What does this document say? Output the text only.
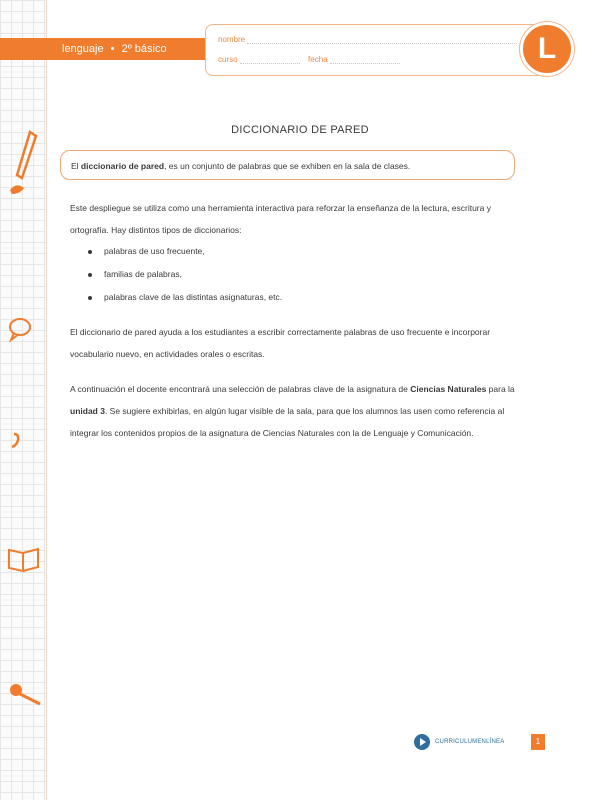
lenguaje • 2º básico
nombre
curso	fecha	L
DICCIONARIO DE PARED
El diccionario de pared, es un conjunto de palabras que se exhiben en la sala de clases.
Este despliegue se utiliza como una herramienta interactiva para reforzar la enseñanza de la lectura, escritura y ortografía. Hay distintos tipos de diccionarios:
palabras de uso frecuente,
familias de palabras,
palabras clave de las distintas asignaturas, etc.
El diccionario de pared ayuda a los estudiantes a escribir correctamente palabras de uso frecuente e incorporar vocabulario nuevo, en actividades orales o escritas.
A continuación el docente encontrará una selección de palabras clave de la asignatura de Ciencias Naturales para la unidad 3. Se sugiere exhibirlas, en algún lugar visible de la sala, para que los alumnos las usen como referencia al integrar los contenidos propios de la asignatura de Ciencias Naturales con la de Lenguaje y Comunicación.
CURRICULUMENLÍNEA	1
